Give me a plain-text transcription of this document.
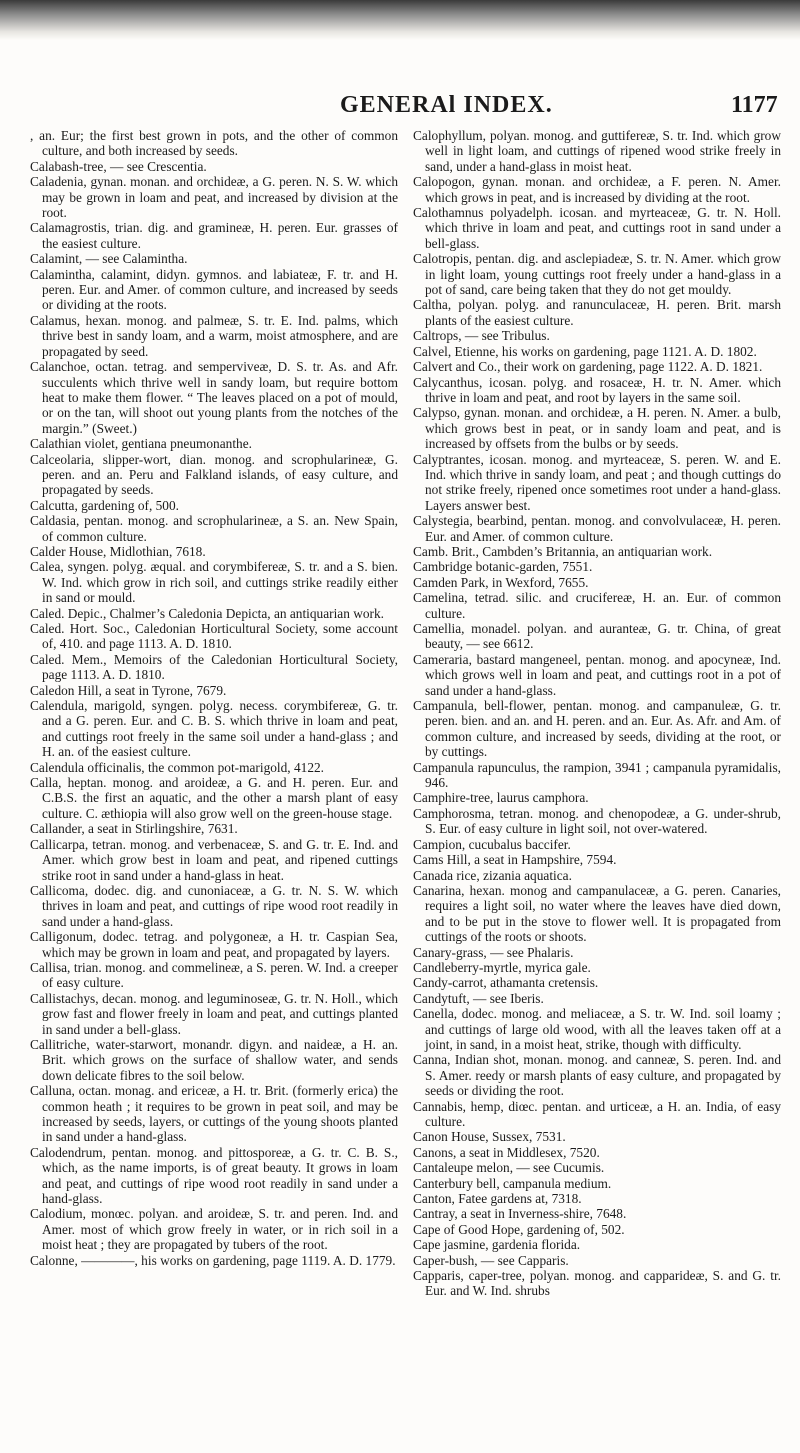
GENERAl INDEX.	1177

, an. Eur; the first best grown in pots, and the other of common culture, and both increased by seeds.

Calabash-tree, — see Crescentia.

Caladenia, gynan. monan. and orchideæ, a G. peren. N. S. W. which may be grown in loam and peat, and increased by division at the root.

Calamagrostis, trian. dig. and gramineæ, H. peren. Eur. grasses of the easiest culture.

Calamint, — see Calamintha.

Calamintha, calamint, didyn. gymnos. and labiateæ, F. tr. and H. peren. Eur. and Amer. of common culture, and increased by seeds or dividing at the roots.

Calamus, hexan. monog. and palmeæ, S. tr. E. Ind. palms, which thrive best in sandy loam, and a warm, moist atmosphere, and are propagated by seed.

Calanchoe, octan. tetrag. and semperviveæ, D. S. tr. As. and Afr. succulents which thrive well in sandy loam, but require bottom heat to make them flower. “ The leaves placed on a pot of mould, or on the tan, will shoot out young plants from the notches of the margin.” (Sweet.)

Calathian violet, gentiana pneumonanthe.

Calceolaria, slipper-wort, dian. monog. and scrophularineæ, G. peren. and an. Peru and Falkland islands, of easy culture, and propagated by seeds.

Calcutta, gardening of, 500.

Caldasia, pentan. monog. and scrophularineæ, a S. an. New Spain, of common culture.

Calder House, Midlothian, 7618.

Calea, syngen. polyg. æqual. and corymbifereæ, S. tr. and a S. bien. W. Ind. which grow in rich soil, and cuttings strike readily either in sand or mould.

Caled. Depic., Chalmer’s Caledonia Depicta, an antiquarian work.

Caled. Hort. Soc., Caledonian Horticultural Society, some account of, 410. and page 1113. A. D. 1810.

Caled. Mem., Memoirs of the Caledonian Horticultural Society, page 1113. A. D. 1810.

Caledon Hill, a seat in Tyrone, 7679.

Calendula, marigold, syngen. polyg. necess. corymbifereæ, G. tr. and a G. peren. Eur. and C. B. S. which thrive in loam and peat, and cuttings root freely in the same soil under a hand-glass ; and H. an. of the easiest culture.

Calendula officinalis, the common pot-marigold, 4122.

Calla, heptan. monog. and aroideæ, a G. and H. peren. Eur. and C.B.S. the first an aquatic, and the other a marsh plant of easy culture. C. æthiopia will also grow well on the green-house stage.

Callander, a seat in Stirlingshire, 7631.

Callicarpa, tetran. monog. and verbenaceæ, S. and G. tr. E. Ind. and Amer. which grow best in loam and peat, and ripened cuttings strike root in sand under a hand-glass in heat.

Callicoma, dodec. dig. and cunoniaceæ, a G. tr. N. S. W. which thrives in loam and peat, and cuttings of ripe wood root readily in sand under a hand-glass.

Calligonum, dodec. tetrag. and polygoneæ, a H. tr. Caspian Sea, which may be grown in loam and peat, and propagated by layers.

Callisa, trian. monog. and commelineæ, a S. peren. W. Ind. a creeper of easy culture.

Callistachys, decan. monog. and leguminoseæ, G. tr. N. Holl., which grow fast and flower freely in loam and peat, and cuttings planted in sand under a bell-glass.

Callitriche, water-starwort, monandr. digyn. and naideæ, a H. an. Brit. which grows on the surface of shallow water, and sends down delicate fibres to the soil below.

Calluna, octan. monag. and ericeæ, a H. tr. Brit. (formerly erica) the common heath ; it requires to be grown in peat soil, and may be increased by seeds, layers, or cuttings of the young shoots planted in sand under a hand-glass.

Calodendrum, pentan. monog. and pittosporeæ, a G. tr. C. B. S., which, as the name imports, is of great beauty. It grows in loam and peat, and cuttings of ripe wood root readily in sand under a hand-glass.

Calodium, monœc. polyan. and aroideæ, S. tr. and peren. Ind. and Amer. most of which grow freely in water, or in rich soil in a moist heat ; they are propagated by tubers of the root.

Calonne, ————, his works on gardening, page 1119. A. D. 1779.

Calophyllum, polyan. monog. and guttifereæ, S. tr. Ind. which grow well in light loam, and cuttings of ripened wood strike freely in sand, under a hand-glass in moist heat.

Calopogon, gynan. monan. and orchideæ, a F. peren. N. Amer. which grows in peat, and is increased by dividing at the root.

Calothamnus polyadelph. icosan. and myrteaceæ, G. tr. N. Holl. which thrive in loam and peat, and cuttings root in sand under a bell-glass.

Calotropis, pentan. dig. and asclepiadeæ, S. tr. N. Amer. which grow in light loam, young cuttings root freely under a hand-glass in a pot of sand, care being taken that they do not get mouldy.

Caltha, polyan. polyg. and ranunculaceæ, H. peren. Brit. marsh plants of the easiest culture.

Caltrops, — see Tribulus.

Calvel, Etienne, his works on gardening, page 1121. A. D. 1802.

Calvert and Co., their work on gardening, page 1122. A. D. 1821.

Calycanthus, icosan. polyg. and rosaceæ, H. tr. N. Amer. which thrive in loam and peat, and root by layers in the same soil.

Calypso, gynan. monan. and orchideæ, a H. peren. N. Amer. a bulb, which grows best in peat, or in sandy loam and peat, and is increased by offsets from the bulbs or by seeds.

Calyptrantes, icosan. monog. and myrteaceæ, S. peren. W. and E. Ind. which thrive in sandy loam, and peat ; and though cuttings do not strike freely, ripened once sometimes root under a hand-glass. Layers answer best.

Calystegia, bearbind, pentan. monog. and convolvulaceæ, H. peren. Eur. and Amer. of common culture.

Camb. Brit., Cambden’s Britannia, an antiquarian work.

Cambridge botanic-garden, 7551.

Camden Park, in Wexford, 7655.

Camelina, tetrad. silic. and crucifereæ, H. an. Eur. of common culture.

Camellia, monadel. polyan. and auranteæ, G. tr. China, of great beauty, — see 6612.

Cameraria, bastard mangeneel, pentan. monog. and apocyneæ, Ind. which grows well in loam and peat, and cuttings root in a pot of sand under a hand-glass.

Campanula, bell-flower, pentan. monog. and campanuleæ, G. tr. peren. bien. and an. and H. peren. and an. Eur. As. Afr. and Am. of common culture, and increased by seeds, dividing at the root, or by cuttings.

Campanula rapunculus, the rampion, 3941 ; campanula pyramidalis, 946.

Camphire-tree, laurus camphora.

Camphorosma, tetran. monog. and chenopodeæ, a G. under-shrub, S. Eur. of easy culture in light soil, not over-watered.

Campion, cucubalus baccifer.

Cams Hill, a seat in Hampshire, 7594.

Canada rice, zizania aquatica.

Canarina, hexan. monog and campanulaceæ, a G. peren. Canaries, requires a light soil, no water where the leaves have died down, and to be put in the stove to flower well. It is propagated from cuttings of the roots or shoots.

Canary-grass, — see Phalaris.

Candleberry-myrtle, myrica gale.

Candy-carrot, athamanta cretensis.

Candytuft, — see Iberis.

Canella, dodec. monog. and meliaceæ, a S. tr. W. Ind. soil loamy ; and cuttings of large old wood, with all the leaves taken off at a joint, in sand, in a moist heat, strike, though with difficulty.

Canna, Indian shot, monan. monog. and canneæ, S. peren. Ind. and S. Amer. reedy or marsh plants of easy culture, and propagated by seeds or dividing the root.

Cannabis, hemp, diœc. pentan. and urticeæ, a H. an. India, of easy culture.

Canon House, Sussex, 7531.

Canons, a seat in Middlesex, 7520.

Cantaleupe melon, — see Cucumis.

Canterbury bell, campanula medium.

Canton, Fatee gardens at, 7318.

Cantray, a seat in Inverness-shire, 7648.

Cape of Good Hope, gardening of, 502.

Cape jasmine, gardenia florida.

Caper-bush, — see Capparis.

Capparis, caper-tree, polyan. monog. and capparideæ, S. and G. tr. Eur. and W. Ind. shrubs
